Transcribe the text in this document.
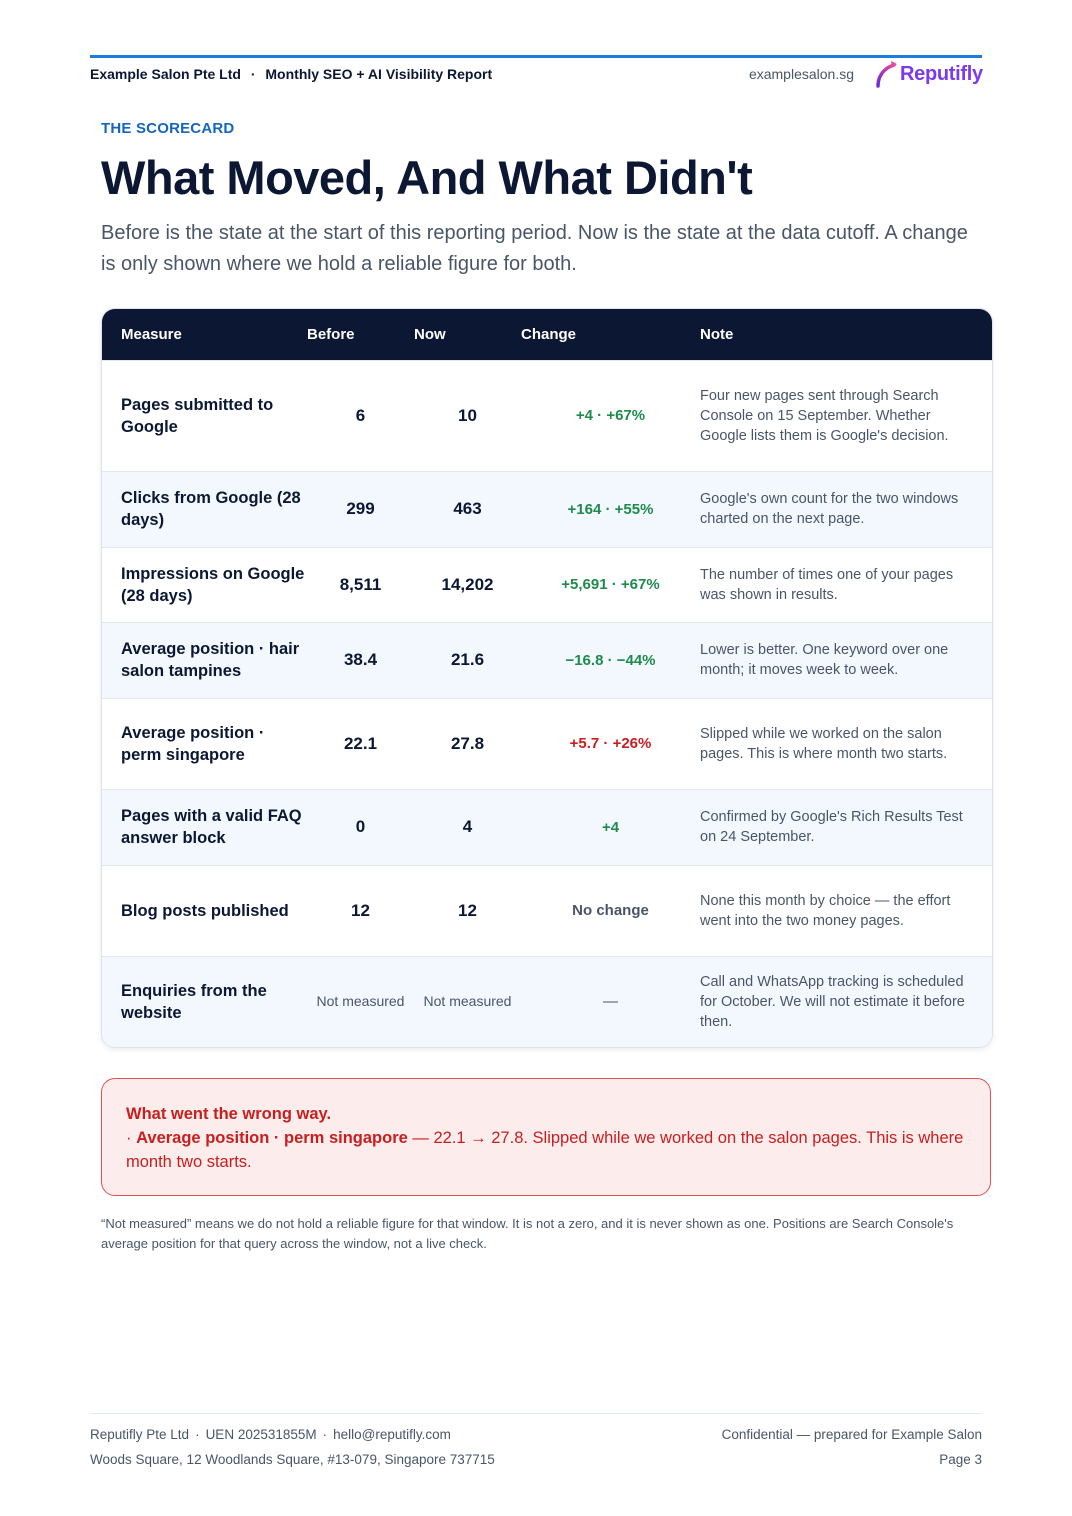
Example Salon Pte Ltd · Monthly SEO + AI Visibility Report	examplesalon.sg Reputifly
THE SCORECARD
What Moved, And What Didn't

Before is the state at the start of this reporting period. Now is the state at the data cutoff. A change is only shown where we hold a reliable figure for both.

Measure	Before	Now	Change	Note
Pages submitted to Google	6	10	+4 · +67%	Four new pages sent through Search Console on 15 September. Whether Google lists them is Google's decision.
Clicks from Google (28 days)	299	463	+164 · +55%	Google's own count for the two windows charted on the next page.
Impressions on Google (28 days)	8,511	14,202	+5,691 · +67%	The number of times one of your pages was shown in results.
Average position · hair salon tampines	38.4	21.6	−16.8 · −44%	Lower is better. One keyword over one month; it moves week to week.
Average position · perm singapore	22.1	27.8	+5.7 · +26%	Slipped while we worked on the salon pages. This is where month two starts.
Pages with a valid FAQ answer block	0	4	+4	Confirmed by Google's Rich Results Test on 24 September.
Blog posts published	12	12	No change	None this month by choice — the effort went into the two money pages.
Enquiries from the website	Not measured	Not measured	—	Call and WhatsApp tracking is scheduled for October. We will not estimate it before then.
What went the wrong way.
· Average position · perm singapore — 22.1 → 27.8. Slipped while we worked on the salon pages. This is where month two starts.

“Not measured” means we do not hold a reliable figure for that window. It is not a zero, and it is never shown as one. Positions are Search Console's average position for that query across the window, not a live check.

Reputifly Pte Ltd · UEN 202531855M · hello@reputifly.com
Woods Square, 12 Woodlands Square, #13-079, Singapore 737715
Confidential — prepared for Example Salon
Page 3
